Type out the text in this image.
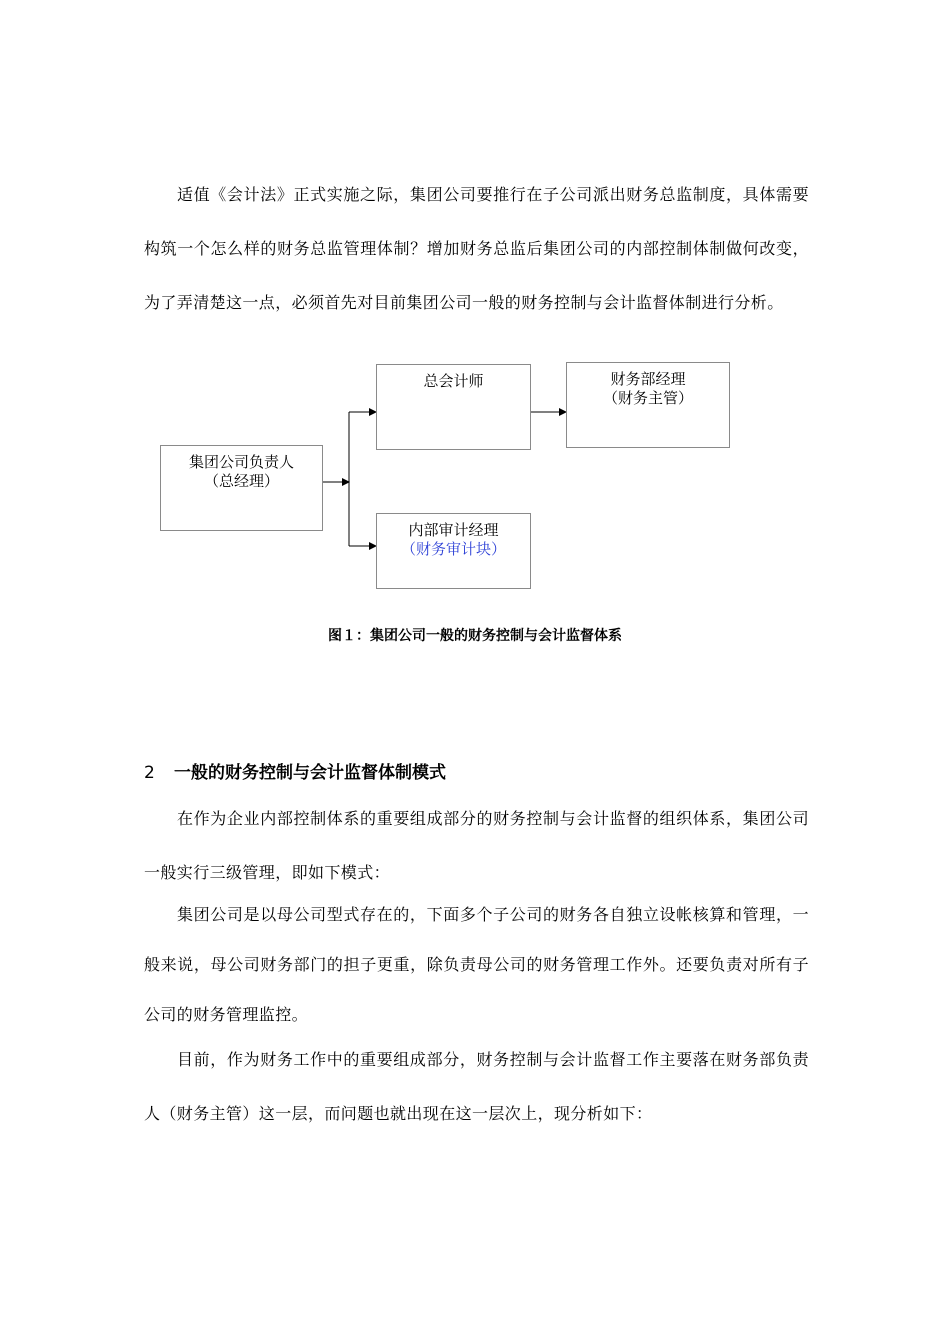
适值《会计法》正式实施之际，集团公司要推行在子公司派出财务总监制度，具体需要构筑一个怎么样的财务总监管理体制？增加财务总监后集团公司的内部控制体制做何改变，为了弄清楚这一点，必须首先对目前集团公司一般的财务控制与会计监督体制进行分析。

集团公司负责人
（总经理）
总会计师	财务部经理
（财务主管）
内部审计经理
（财务审计块）
图１：集团公司一般的财务控制与会计监督体系
2 一般的财务控制与会计监督体制模式

在作为企业内部控制体系的重要组成部分的财务控制与会计监督的组织体系，集团公司一般实行三级管理，即如下模式：

集团公司是以母公司型式存在的，下面多个子公司的财务各自独立设帐核算和管理，一般来说，母公司财务部门的担子更重，除负责母公司的财务管理工作外。还要负责对所有子公司的财务管理监控。

目前，作为财务工作中的重要组成部分，财务控制与会计监督工作主要落在财务部负责人（财务主管）这一层，而问题也就出现在这一层次上，现分析如下：
